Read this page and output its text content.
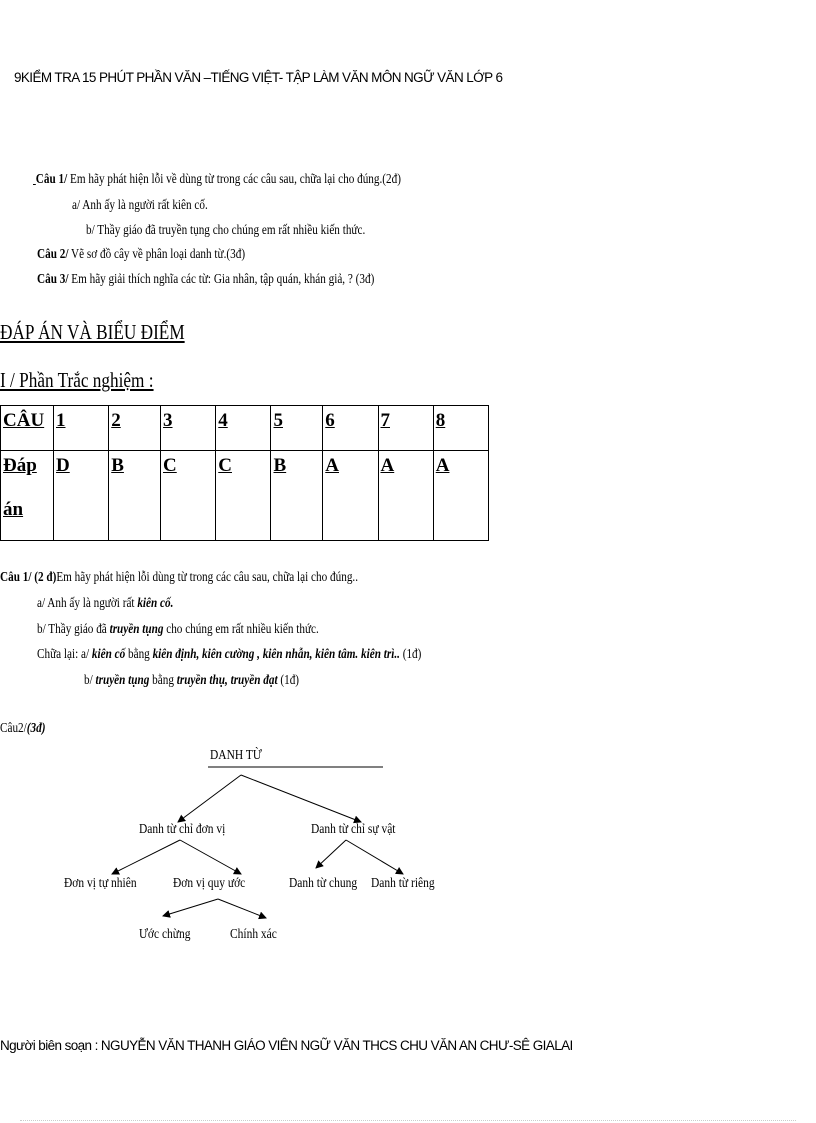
9KIỂM TRA 15 PHÚT PHẦN VĂN –TIẾNG VIỆT- TẬP LÀM VĂN MÔN NGỮ VĂN LỚP 6
Câu 1/ Em hãy phát hiện lỗi về dùng từ trong các câu sau, chữa lại cho đúng.(2đ)
a/ Anh ấy là người rất kiên cố.
b/ Thầy giáo đã truyền tụng cho chúng em rất nhiều kiến thức.
Câu 2/ Vẽ sơ đồ cây về phân loại danh từ.(3đ)
Câu 3/ Em hãy giải thích nghĩa các từ: Gia nhân, tập quán, khán giả, ? (3đ)
ĐÁP ÁN VÀ BIỂU ĐIỂM
I / Phần Trắc nghiệm :
CÂU	1	2	3	4	5	6	7	8
Đáp

án	D	B	C	C	B	A	A	A
Câu 1/ (2 đ)Em hãy phát hiện lỗi dùng từ trong các câu sau, chữa lại cho đúng..
a/ Anh ấy là người rất kiên cố.
b/ Thầy giáo đã truyền tụng cho chúng em rất nhiều kiến thức.
Chữa lại: a/ kiên cố bằng kiên định, kiên cường , kiên nhẫn, kiên tâm. kiên trì.. (1đ)
b/ truyền tụng bằng truyền thụ, truyền đạt (1đ)
Câu2/(3đ)
DANH TỪ
Danh từ chỉ đơn vị	Danh từ chỉ sự vật
Đơn vị tự nhiên	Đơn vị quy ước	Danh từ chung Danh từ riêng
Ước chừng	Chính xác
Người biên soạn : NGUYỄN VĂN THANH GIÁO VIÊN NGỮ VĂN THCS CHU VĂN AN CHƯ-SÊ GIALAI
